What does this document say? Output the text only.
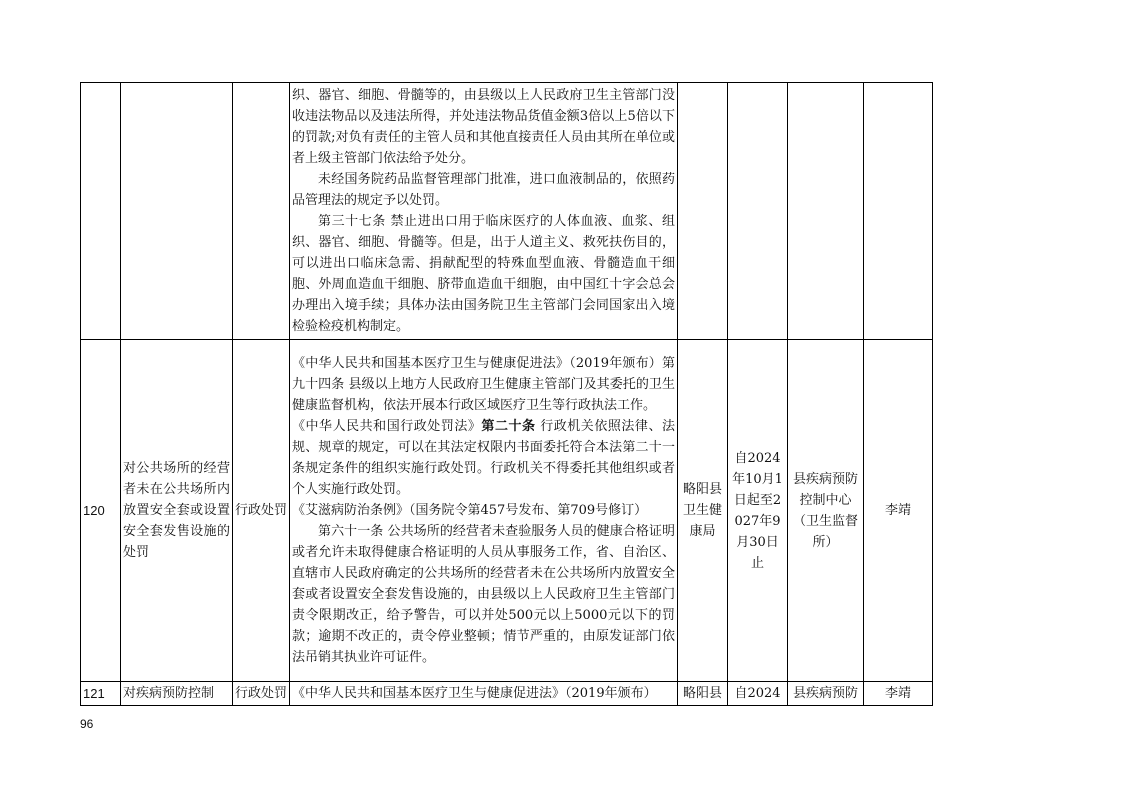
			织、器官、细胞、骨髓等的，由县级以上人民政府卫生主管部门没收违法物品以及违法所得，并处违法物品货值金额3倍以上5倍以下的罚款;对负有责任的主管人员和其他直接责任人员由其所在单位或者上级主管部门依法给予处分。

未经国务院药品监督管理部门批准，进口血液制品的，依照药品管理法的规定予以处罚。

第三十七条 禁止进出口用于临床医疗的人体血液、血浆、组织、器官、细胞、骨髓等。但是，出于人道主义、救死扶伤目的，可以进出口临床急需、捐献配型的特殊血型血液、骨髓造血干细胞、外周血造血干细胞、脐带血造血干细胞，由中国红十字会总会办理出入境手续；具体办法由国务院卫生主管部门会同国家出入境检验检疫机构制定。				

120	对公共场所的经营者未在公共场所内放置安全套或设置安全套发售设施的处罚	行政处罚	《中华人民共和国基本医疗卫生与健康促进法》（2019年颁布）第九十四条 县级以上地方人民政府卫生健康主管部门及其委托的卫生健康监督机构，依法开展本行政区域医疗卫生等行政执法工作。

《中华人民共和国行政处罚法》第二十条 行政机关依照法律、法规、规章的规定，可以在其法定权限内书面委托符合本法第二十一条规定条件的组织实施行政处罚。行政机关不得委托其他组织或者个人实施行政处罚。

《艾滋病防治条例》（国务院令第457号发布、第709号修订）

第六十一条 公共场所的经营者未查验服务人员的健康合格证明或者允许未取得健康合格证明的人员从事服务工作，省、自治区、直辖市人民政府确定的公共场所的经营者未在公共场所内放置安全套或者设置安全套发售设施的，由县级以上人民政府卫生主管部门责令限期改正，给予警告，可以并处500元以上5000元以下的罚款；逾期不改正的，责令停业整顿；情节严重的，由原发证部门依法吊销其执业许可证件。	略阳县卫生健康局	自2024年10月1日起至2027年9月30日止	县疾病预防控制中心（卫生监督所）	李靖
121	对疾病预防控制	行政处罚	《中华人民共和国基本医疗卫生与健康促进法》（2019年颁布）	略阳县	自2024	县疾病预防	李靖
96
